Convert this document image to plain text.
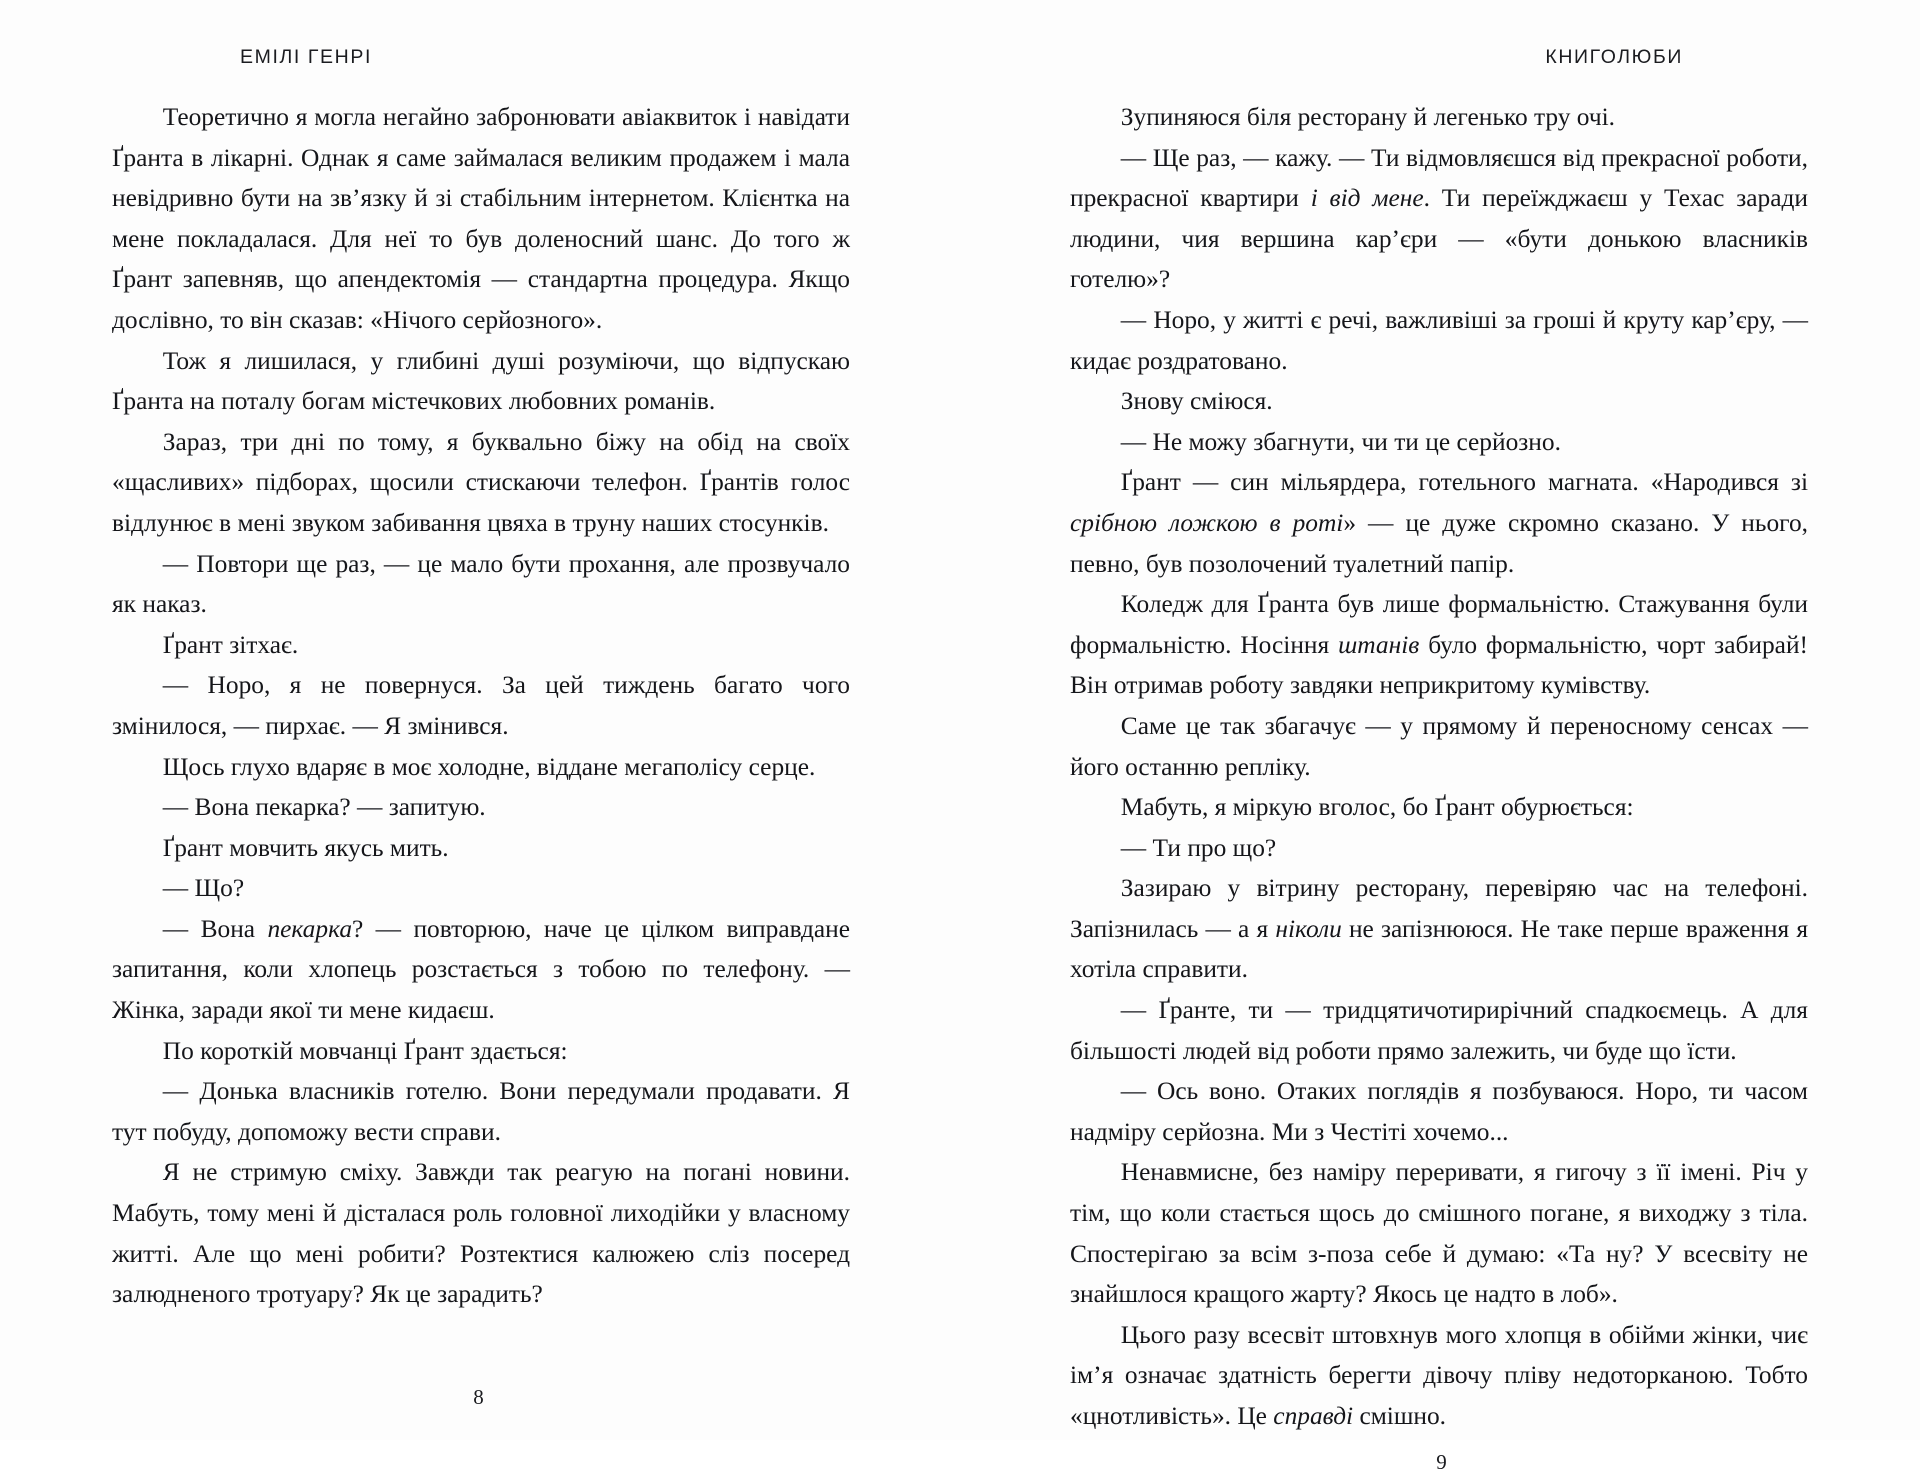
ЕМІЛІ ГЕНРІ

Теоретично я могла негайно забронювати авіаквиток і навідати Ґранта в лікарні. Однак я саме займалася великим продажем і мала невідривно бути на зв’язку й зі стабільним інтернетом. Клієнтка на мене покладалася. Для неї то був доленосний шанс. До того ж Ґрант запевняв, що апендектомія — стандартна процедура. Якщо дослівно, то він сказав: «Нічого серйозного».

Тож я лишилася, у глибині душі розуміючи, що відпускаю Ґранта на поталу богам містечкових любовних романів.

Зараз, три дні по тому, я буквально біжу на обід на своїх «щасливих» підборах, щосили стискаючи телефон. Ґрантів голос відлунює в мені звуком забивання цвяха в труну наших стосунків.

— Повтори ще раз, — це мало бути прохання, але прозвучало як наказ.

Ґрант зітхає.

— Норо, я не повернуся. За цей тиждень багато чого змінилося, — пирхає. — Я змінився.

Щось глухо вдаряє в моє холодне, віддане мегаполісу серце.

— Вона пекарка? — запитую.

Ґрант мовчить якусь мить.

— Що?

— Вона пекарка? — повторюю, наче це цілком виправдане запитання, коли хлопець розстається з тобою по телефону. — Жінка, заради якої ти мене кидаєш.

По короткій мовчанці Ґрант здається:

— Донька власників готелю. Вони передумали продавати. Я тут побуду, допоможу вести справи.

Я не стримую сміху. Завжди так реагую на погані новини. Мабуть, тому мені й дісталася роль головної лиходійки у власному житті. Але що мені робити? Розтектися калюжею сліз посеред залюдненого тротуару? Як це зарадить?

8
КНИГОЛЮБИ

Зупиняюся біля ресторану й легенько тру очі.

— Ще раз, — кажу. — Ти відмовляєшся від прекрасної роботи, прекрасної квартири і від мене. Ти переїжджаєш у Техас заради людини, чия вершина кар’єри — «бути донькою власників готелю»?

— Норо, у житті є речі, важливіші за гроші й круту кар’єру, — кидає роздратовано.

Знову сміюся.

— Не можу збагнути, чи ти це серйозно.

Ґрант — син мільярдера, готельного магната. «Народився зі срібною ложкою в роті» — це дуже скромно сказано. У нього, певно, був позолочений туалетний папір.

Коледж для Ґранта був лише формальністю. Стажування були формальністю. Носіння штанів було формальністю, чорт забирай! Він отримав роботу завдяки неприкритому кумівству.

Саме це так збагачує — у прямому й переносному сенсах — його останню репліку.

Мабуть, я міркую вголос, бо Ґрант обурюється:

— Ти про що?

Зазираю у вітрину ресторану, перевіряю час на телефоні. Запізнилась — а я ніколи не запізнююся. Не таке перше враження я хотіла справити.

— Ґранте, ти — тридцятичотирирічний спадкоємець. А для більшості людей від роботи прямо залежить, чи буде що їсти.

— Ось воно. Отаких поглядів я позбуваюся. Норо, ти часом надміру серйозна. Ми з Честіті хочемо...

Ненавмисне, без наміру переривати, я гигочу з її імені. Річ у тім, що коли стається щось до смішного погане, я виходжу з тіла. Спостерігаю за всім з-поза себе й думаю: «Та ну? У всесвіту не знайшлося кращого жарту? Якось це надто в лоб».

Цього разу всесвіт штовхнув мого хлопця в обійми жінки, чиє ім’я означає здатність берегти дівочу пліву недоторканою. Тобто «цнотливість». Це справді смішно.

9
